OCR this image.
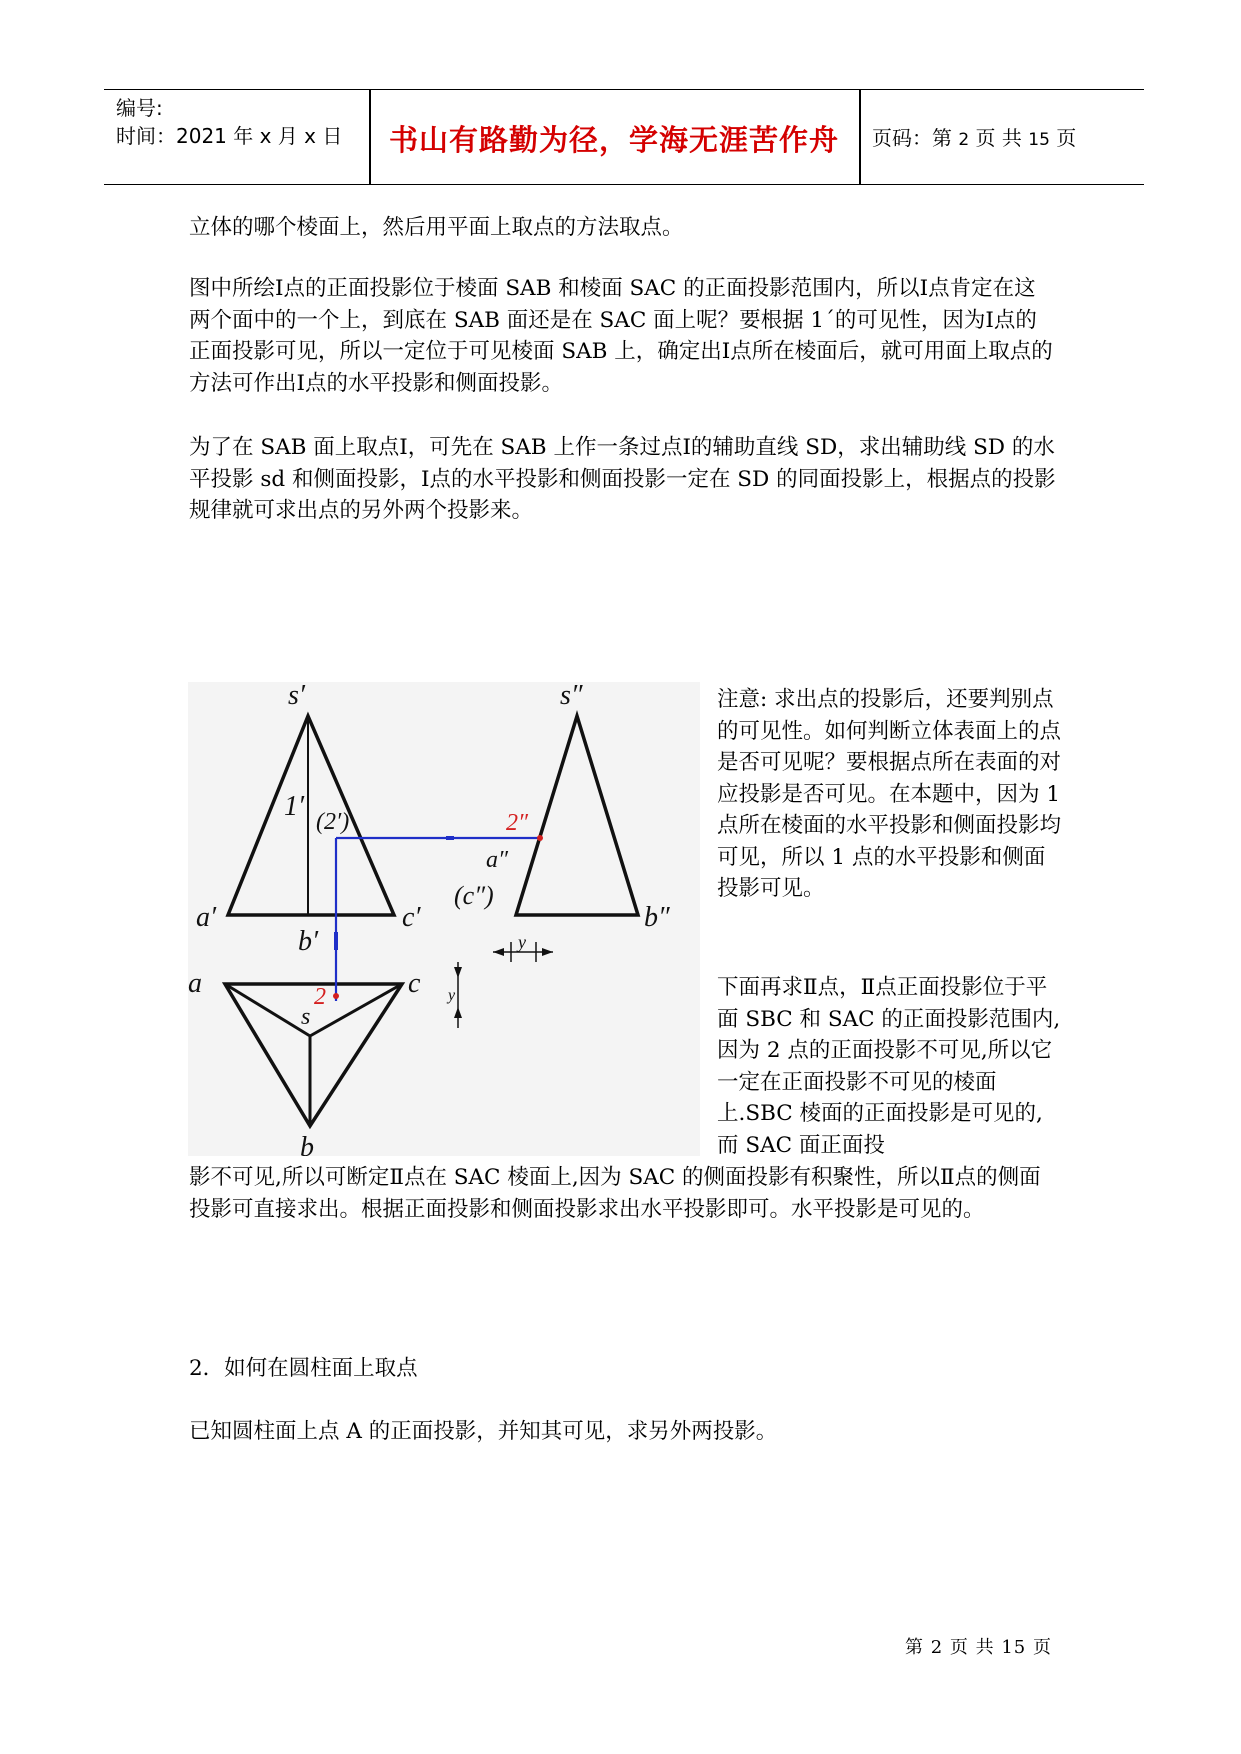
编号:
时间：2021 年 x 月 x 日	书山有路勤为径，学海无涯苦作舟	页码：第 2 页 共 15 页

立体的哪个棱面上，然后用平面上取点的方法取点。

图中所绘Ⅰ点的正面投影位于棱面 SAB 和棱面 SAC 的正面投影范围内，所以Ⅰ点肯定在这两个面中的一个上，到底在 SAB 面还是在 SAC 面上呢？要根据 1´的可见性，因为Ⅰ点的正面投影可见，所以一定位于可见棱面 SAB 上，确定出Ⅰ点所在棱面后，就可用面上取点的方法可作出Ⅰ点的水平投影和侧面投影。

为了在 SAB 面上取点Ⅰ，可先在 SAB 上作一条过点Ⅰ的辅助直线 SD，求出辅助线 SD 的水平投影 sd 和侧面投影，Ⅰ点的水平投影和侧面投影一定在 SD 的同面投影上，根据点的投影规律就可求出点的另外两个投影来。

s′	s″
1′ (2′)	2″
a′
b′
c′
a″
(c″)
b″
y
a	c
s
b
2	y

注意: 求出点的投影后，还要判别点的可见性。如何判断立体表面上的点是否可见呢？要根据点所在表面的对应投影是否可见。在本题中，因为 1 点所在棱面的水平投影和侧面投影均可见，所以 1 点的水平投影和侧面投影可见。

下面再求Ⅱ点，Ⅱ点正面投影位于平面 SBC 和 SAC 的正面投影范围内,因为 2 点的正面投影不可见,所以它一定在正面投影不可见的棱面上.SBC 棱面的正面投影是可见的,而 SAC 面正面投

影不可见,所以可断定Ⅱ点在 SAC 棱面上,因为 SAC 的侧面投影有积聚性，所以Ⅱ点的侧面投影可直接求出。根据正面投影和侧面投影求出水平投影即可。水平投影是可见的。

2．如何在圆柱面上取点

已知圆柱面上点 A 的正面投影，并知其可见，求另外两投影。

第 2 页 共 15 页
